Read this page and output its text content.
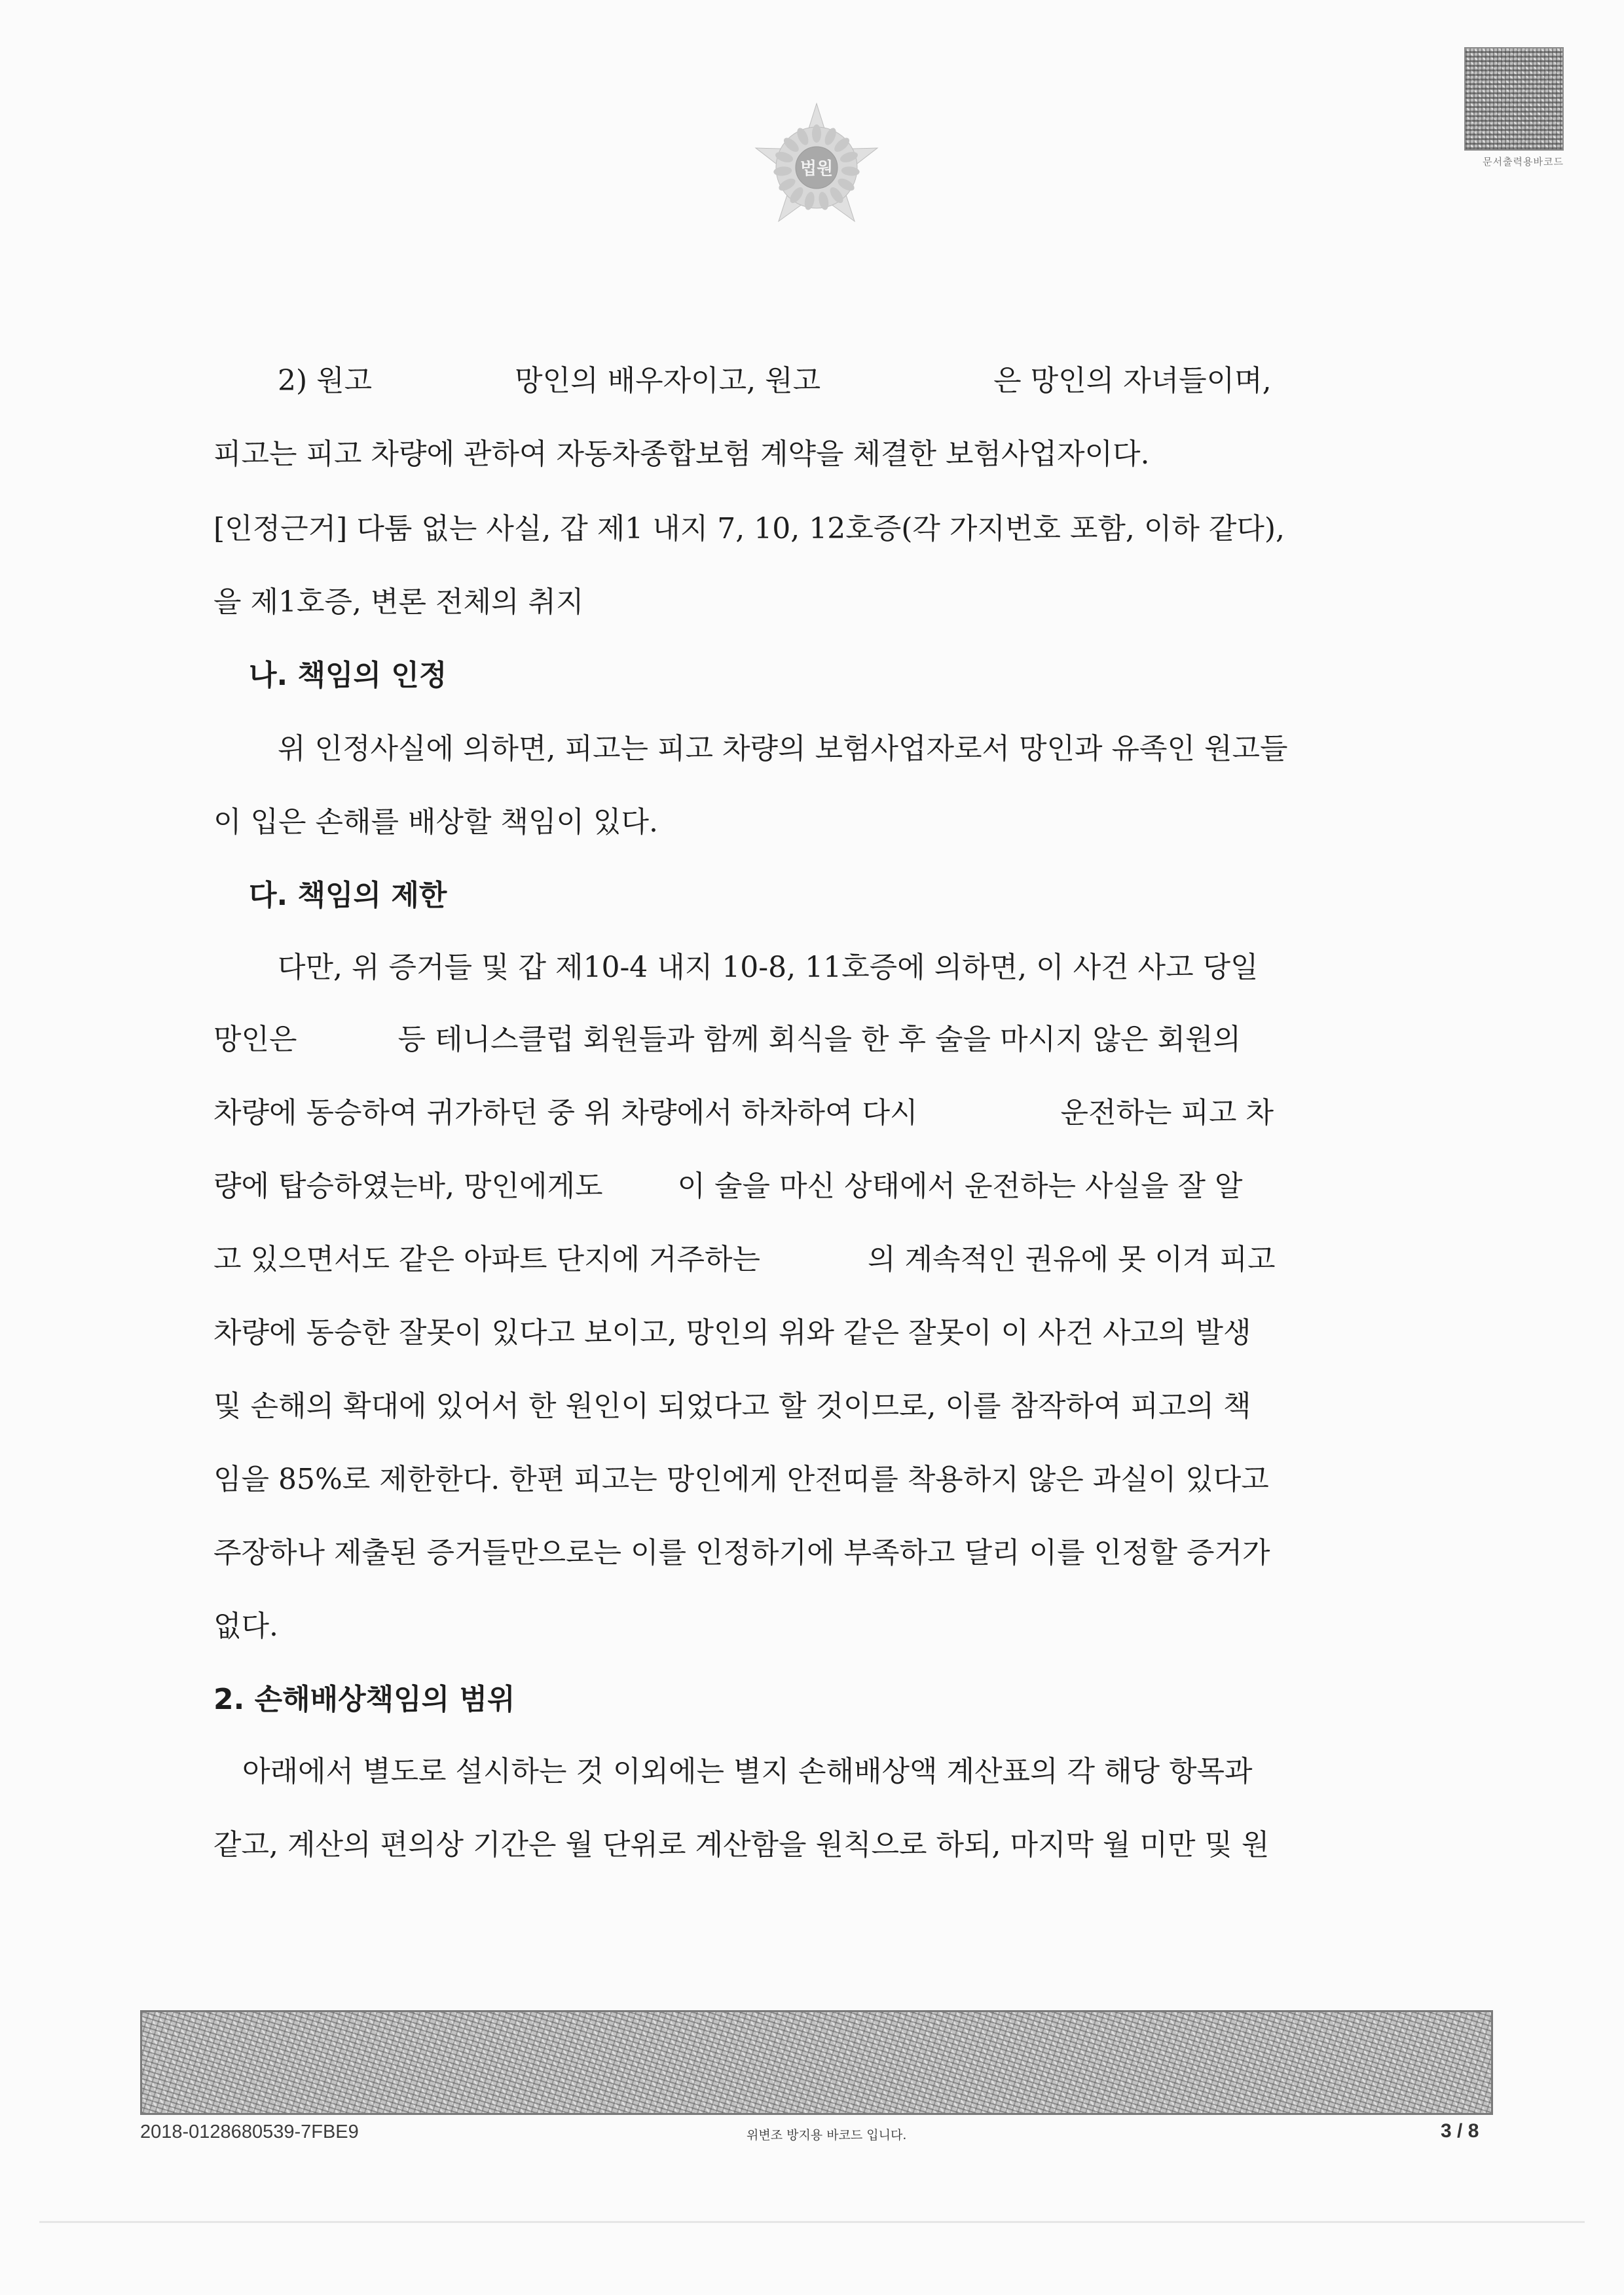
법원	문서출력용바코드

2) 원고	망인의 배우자이고, 원고	은 망인의 자녀들이며,

피고는 피고 차량에 관하여 자동차종합보험 계약을 체결한 보험사업자이다.

[인정근거] 다툼 없는 사실, 갑 제1 내지 7, 10, 12호증(각 가지번호 포함, 이하 같다),

을 제1호증, 변론 전체의 취지

나. 책임의 인정

위 인정사실에 의하면, 피고는 피고 차량의 보험사업자로서 망인과 유족인 원고들

이 입은 손해를 배상할 책임이 있다.

다. 책임의 제한

다만, 위 증거들 및 갑 제10-4 내지 10-8, 11호증에 의하면, 이 사건 사고 당일

망인은	등 테니스클럽 회원들과 함께 회식을 한 후 술을 마시지 않은 회원의

차량에 동승하여 귀가하던 중 위 차량에서 하차하여 다시	운전하는 피고 차

량에 탑승하였는바, 망인에게도 이 술을 마신 상태에서 운전하는 사실을 잘 알

고 있으면서도 같은 아파트 단지에 거주하는	의 계속적인 권유에 못 이겨 피고

차량에 동승한 잘못이 있다고 보이고, 망인의 위와 같은 잘못이 이 사건 사고의 발생

및 손해의 확대에 있어서 한 원인이 되었다고 할 것이므로, 이를 참작하여 피고의 책

임을 85%로 제한한다. 한편 피고는 망인에게 안전띠를 착용하지 않은 과실이 있다고

주장하나 제출된 증거들만으로는 이를 인정하기에 부족하고 달리 이를 인정할 증거가

없다.

2. 손해배상책임의 범위

아래에서 별도로 설시하는 것 이외에는 별지 손해배상액 계산표의 각 해당 항목과

같고, 계산의 편의상 기간은 월 단위로 계산함을 원칙으로 하되, 마지막 월 미만 및 원

2018-0128680539-7FBE9	위변조 방지용 바코드 입니다.	3 / 8
